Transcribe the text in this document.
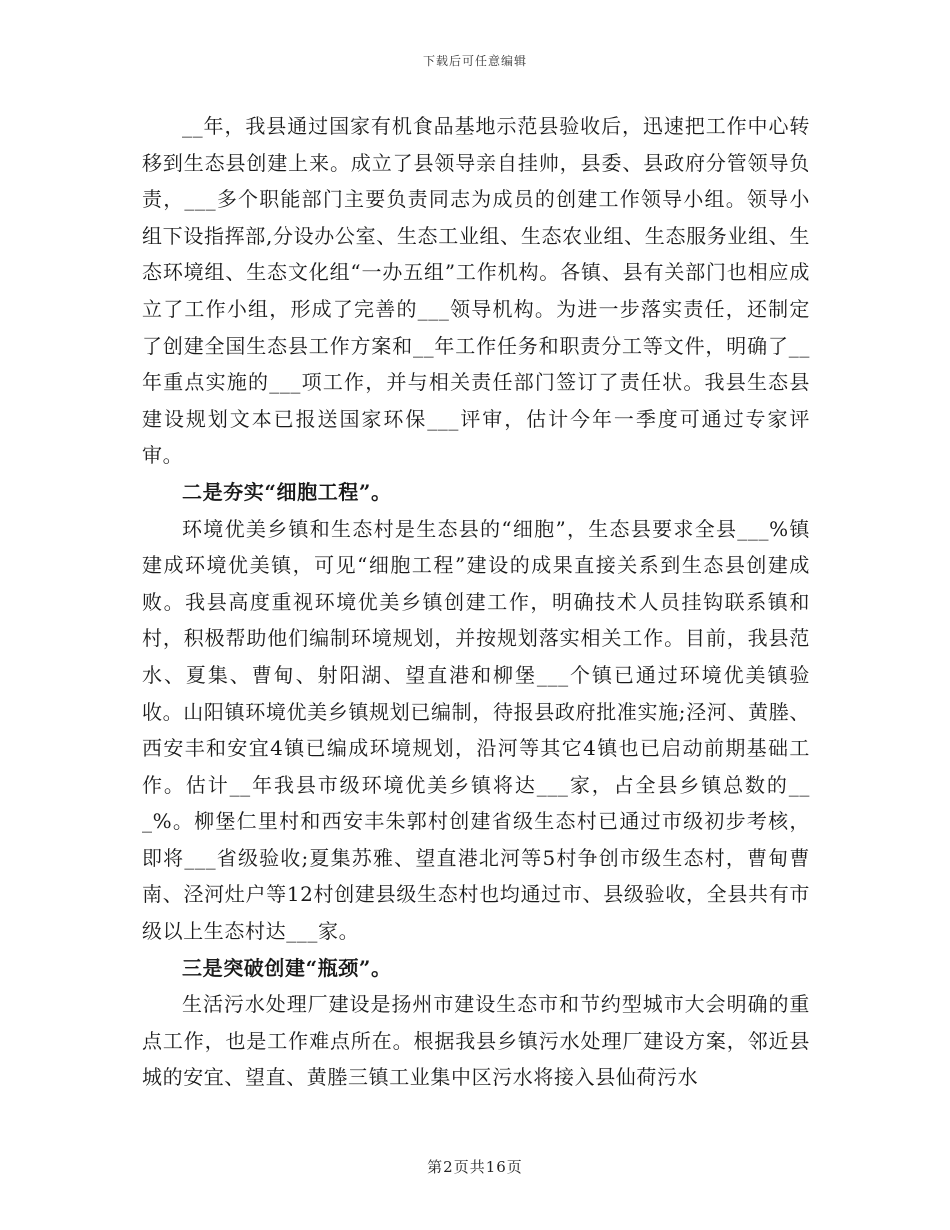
下载后可任意编辑

__年，我县通过国家有机食品基地示范县验收后，迅速把工作中心转移到生态县创建上来。成立了县领导亲自挂帅，县委、县政府分管领导负责，___多个职能部门主要负责同志为成员的创建工作领导小组。领导小组下设指挥部,分设办公室、生态工业组、生态农业组、生态服务业组、生态环境组、生态文化组“一办五组”工作机构。各镇、县有关部门也相应成立了工作小组，形成了完善的___领导机构。为进一步落实责任，还制定了创建全国生态县工作方案和__年工作任务和职责分工等文件，明确了__年重点实施的___项工作，并与相关责任部门签订了责任状。我县生态县建设规划文本已报送国家环保___评审，估计今年一季度可通过专家评审。

二是夯实“细胞工程”。

环境优美乡镇和生态村是生态县的“细胞”，生态县要求全县___%镇建成环境优美镇，可见“细胞工程”建设的成果直接关系到生态县创建成败。我县高度重视环境优美乡镇创建工作，明确技术人员挂钩联系镇和村，积极帮助他们编制环境规划，并按规划落实相关工作。目前，我县范水、夏集、曹甸、射阳湖、望直港和柳堡___个镇已通过环境优美镇验收。山阳镇环境优美乡镇规划已编制，待报县政府批准实施;泾河、黄塍、西安丰和安宜4镇已编成环境规划，沿河等其它4镇也已启动前期基础工作。估计__年我县市级环境优美乡镇将达___家，占全县乡镇总数的___%。柳堡仁里村和西安丰朱郭村创建省级生态村已通过市级初步考核，即将___省级验收;夏集苏雅、望直港北河等5村争创市级生态村，曹甸曹南、泾河灶户等12村创建县级生态村也均通过市、县级验收，全县共有市级以上生态村达___家。

三是突破创建“瓶颈”。

生活污水处理厂建设是扬州市建设生态市和节约型城市大会明确的重点工作，也是工作难点所在。根据我县乡镇污水处理厂建设方案，邻近县城的安宜、望直、黄塍三镇工业集中区污水将接入县仙荷污水

第2页共16页
